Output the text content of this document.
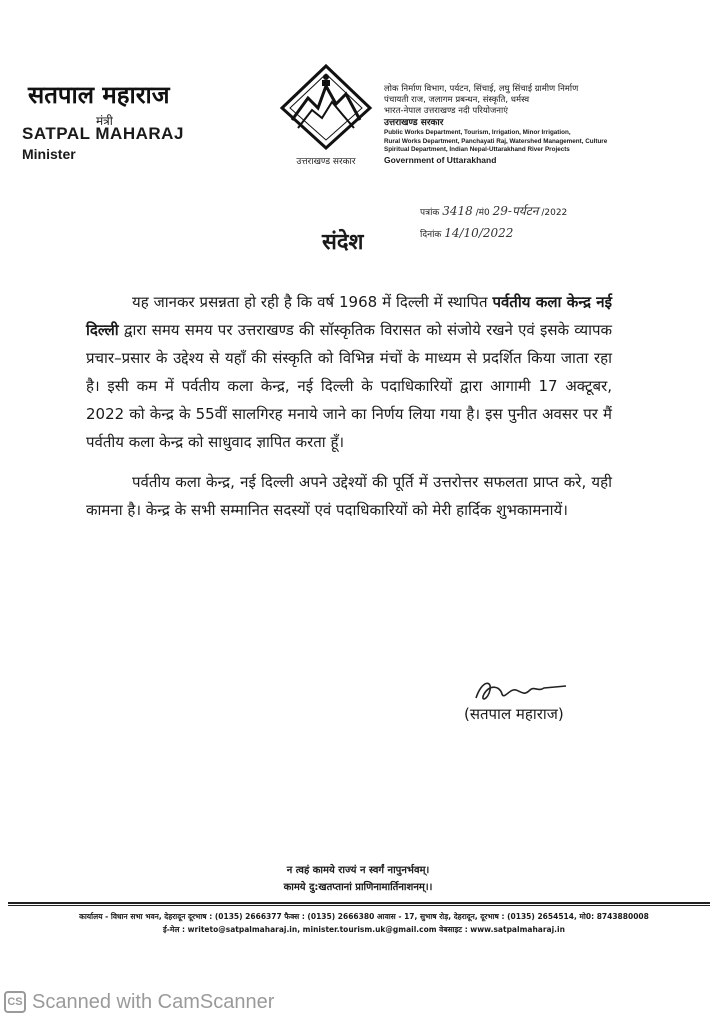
सतपाल महाराज
मंत्री
SATPAL MAHARAJ
Minister	उत्तराखण्ड सरकार
लोक निर्माण विभाग, पर्यटन, सिंचाई, लघु सिंचाई ग्रामीण निर्माण
पंचायती राज, जलागम प्रबन्धन, संस्कृति, धर्मस्व
भारत-नेपाल उत्तराखण्ड नदी परियोजनाएं
उत्तराखण्ड सरकार
Public Works Department, Tourism, Irrigation, Minor Irrigation,
Rural Works Department, Panchayati Raj, Watershed Management, Culture
Spiritual Department, Indian Nepal-Uttarakhand River Projects
Government of Uttarakhand
पत्रांक 3418 /मं0 29-पर्यटन /2022
दिनांक 14/10/2022
संदेश

यह जानकर प्रसन्नता हो रही है कि वर्ष 1968 में दिल्ली में स्थापित पर्वतीय कला केन्द्र नई दिल्ली द्वारा समय समय पर उत्तराखण्ड की सॉस्कृतिक विरासत को संजोये रखने एवं इसके व्यापक प्रचार–प्रसार के उद्देश्य से यहाँ की संस्कृति को विभिन्न मंचों के माध्यम से प्रदर्शित किया जाता रहा है। इसी कम में पर्वतीय कला केन्द्र, नई दिल्ली के पदाधिकारियों द्वारा आगामी 17 अक्टूबर, 2022 को केन्द्र के 55वीं सालगिरह मनाये जाने का निर्णय लिया गया है। इस पुनीत अवसर पर मैं पर्वतीय कला केन्द्र को साधुवाद ज्ञापित करता हूँ।

पर्वतीय कला केन्द्र, नई दिल्ली अपने उद्देश्यों की पूर्ति में उत्तरोत्तर सफलता प्राप्त करे, यही कामना है। केन्द्र के सभी सम्मानित सदस्यों एवं पदाधिकारियों को मेरी हार्दिक शुभकामनायें।

(सतपाल महाराज)
न त्वहं कामये राज्यं न स्वर्गं नापुनर्भवम्।
कामये दु:खतप्तानां प्राणिनामार्तिनाशनम्।।
कार्यालय - विधान सभा भवन, देहरादून दूरभाष : (0135) 2666377 फैक्स : (0135) 2666380 आवास - 17, सुभाष रोड़, देहरादून, दूरभाष : (0135) 2654514, मो0: 8743880008
ई-मेल : writeto@satpalmaharaj.in, minister.tourism.uk@gmail.com वेबसाइट : www.satpalmaharaj.in
CS Scanned with CamScanner
